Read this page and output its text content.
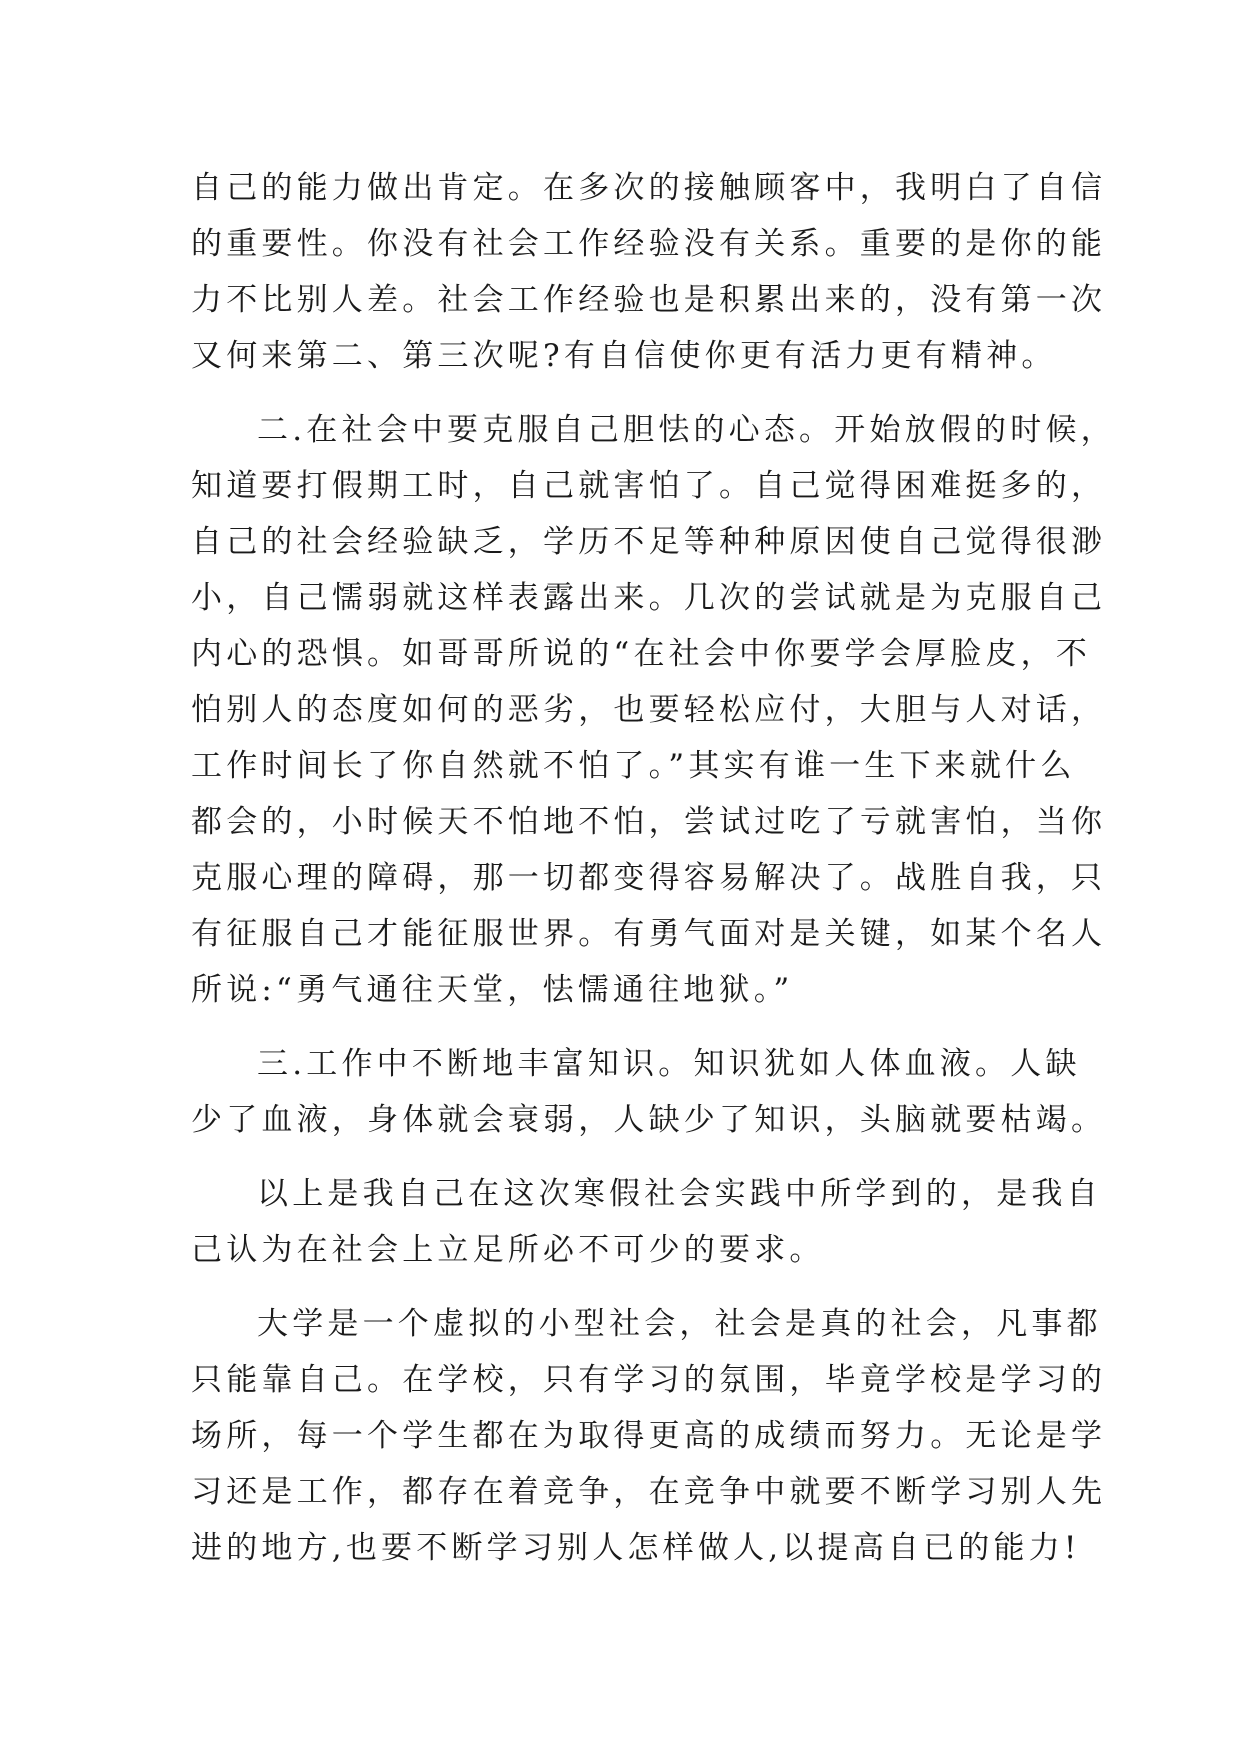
自己的能力做出肯定。在多次的接触顾客中，我明白了自信
的重要性。你没有社会工作经验没有关系。重要的是你的能
力不比别人差。社会工作经验也是积累出来的，没有第一次
又何来第二、第三次呢?有自信使你更有活力更有精神。
二.在社会中要克服自己胆怯的心态。开始放假的时候，
知道要打假期工时，自己就害怕了。自己觉得困难挺多的，
自己的社会经验缺乏，学历不足等种种原因使自己觉得很渺
小，自己懦弱就这样表露出来。几次的尝试就是为克服自己
内心的恐惧。如哥哥所说的“在社会中你要学会厚脸皮，不
怕别人的态度如何的恶劣，也要轻松应付，大胆与人对话，
工作时间长了你自然就不怕了。”其实有谁一生下来就什么
都会的，小时候天不怕地不怕，尝试过吃了亏就害怕，当你
克服心理的障碍，那一切都变得容易解决了。战胜自我，只
有征服自己才能征服世界。有勇气面对是关键，如某个名人
所说:“勇气通往天堂，怯懦通往地狱。”
三.工作中不断地丰富知识。知识犹如人体血液。人缺
少了血液，身体就会衰弱，人缺少了知识，头脑就要枯竭。
以上是我自己在这次寒假社会实践中所学到的，是我自
己认为在社会上立足所必不可少的要求。
大学是一个虚拟的小型社会，社会是真的社会，凡事都
只能靠自己。在学校，只有学习的氛围，毕竟学校是学习的
场所，每一个学生都在为取得更高的成绩而努力。无论是学
习还是工作，都存在着竞争，在竞争中就要不断学习别人先
进的地方,也要不断学习别人怎样做人,以提高自已的能力!
